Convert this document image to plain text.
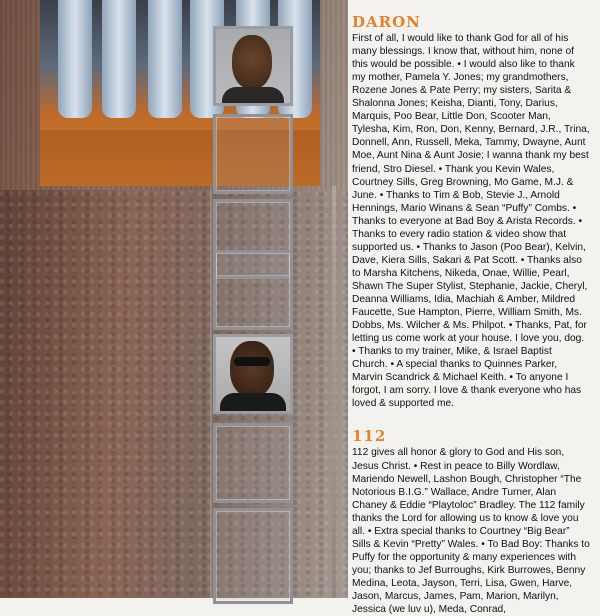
DARON

First of all, I would like to thank God for all of his many blessings. I know that, without him, none of this would be possible. • I would also like to thank my mother, Pamela Y. Jones; my grandmothers, Rozene Jones & Pate Perry; my sisters, Sarita & Shalonna Jones; Keisha, Dianti, Tony, Darius, Marquis, Poo Bear, Little Don, Scooter Man, Tylesha, Kim, Ron, Don, Kenny, Bernard, J.R., Trina, Donnell, Ann, Russell, Meka, Tammy, Dwayne, Aunt Moe, Aunt Nina & Aunt Josie; I wanna thank my best friend, Stro Diesel. • Thank you Kevin Wales, Courtney Sills, Greg Browning, Mo Game, M.J. & June. • Thanks to Tim & Bob, Stevie J., Arnold Hennings, Mario Winans & Sean “Puffy” Combs. • Thanks to everyone at Bad Boy & Arista Records. • Thanks to every radio station & video show that supported us. • Thanks to Jason (Poo Bear), Kelvin, Dave, Kiera Sills, Sakari & Pat Scott. • Thanks also to Marsha Kitchens, Nikeda, Onae, Willie, Pearl, Shawn The Super Stylist, Stephanie, Jackie, Cheryl, Deanna Williams, Idia, Machiah & Amber, Mildred Faucette, Sue Hampton, Pierre, William Smith, Ms. Dobbs, Ms. Wilcher & Ms. Philpot. • Thanks, Pat, for letting us come work at your house. I love you, dog. • Thanks to my trainer, Mike, & Israel Baptist Church. • A special thanks to Quinnes Parker, Marvin Scandrick & Michael Keith. • To anyone I forgot, I am sorry. I love & thank everyone who has loved & supported me.

112

112 gives all honor & glory to God and His son, Jesus Christ. • Rest in peace to Billy Wordlaw, Mariendo Newell, Lashon Bough, Christopher “The Notorious B.I.G.” Wallace, Andre Turner, Alan Chaney & Eddie “Playtoloc” Bradley. The 112 family thanks the Lord for allowing us to know & love you all. • Extra special thanks to Courtney “Big Bear” Sills & Kevin “Pretty” Wales. • To Bad Boy: Thanks to Puffy for the opportunity & many experiences with you; thanks to Jef Burroughs, Kirk Burrowes, Benny Medina, Leota, Jayson, Terri, Lisa, Gwen, Harve, Jason, Marcus, James, Pam, Marion, Marilyn, Jessica (we luv u), Meda, Conrad,
